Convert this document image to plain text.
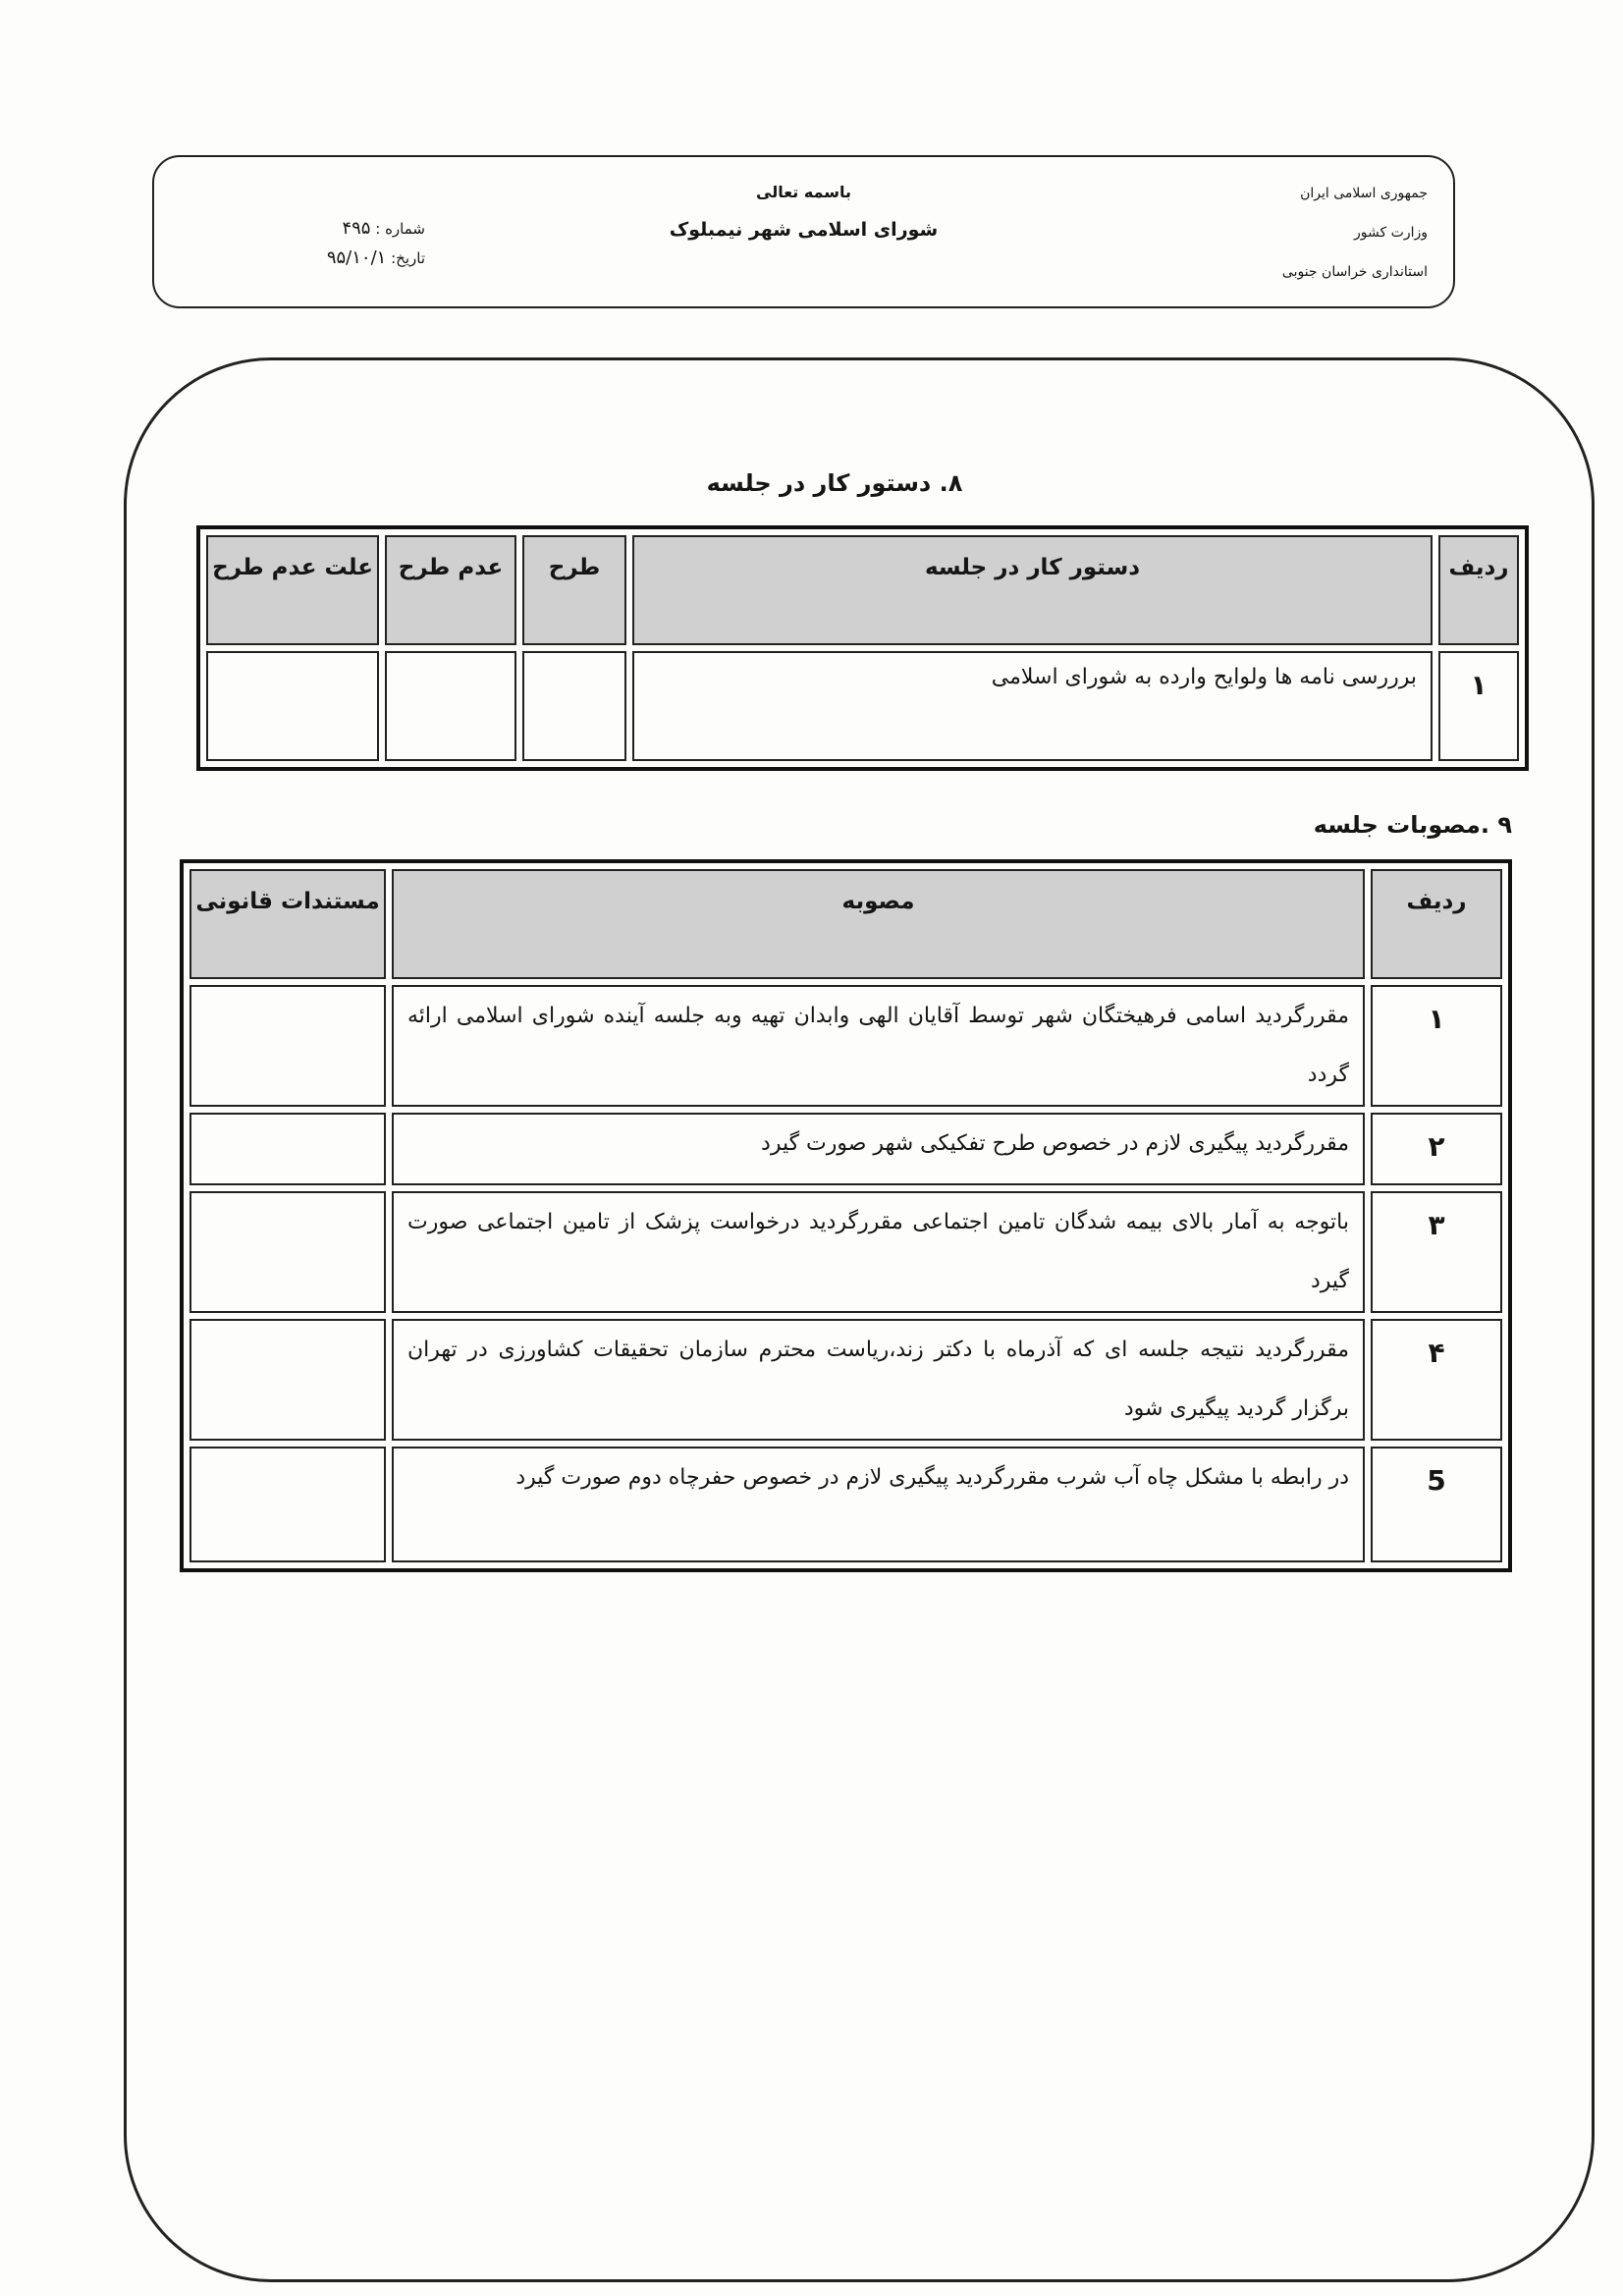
جمهوری اسلامی ایران
وزارت کشور
استانداری خراسان جنوبی
باسمه تعالی
شورای اسلامی شهر نیمبلوک
شماره : ۴۹۵
تاریخ: ۹۵/۱۰/۱
۸. دستور کار در جلسه
ردیف	دستور کار در جلسه	طرح	عدم طرح	علت عدم طرح
۱	برررسی نامه ها ولوایح وارده به شورای اسلامی			
۹ .مصوبات جلسه
ردیف	مصوبه	مستندات قانونی
۱	مقررگردید اسامی فرهیختگان شهر توسط آقایان الهی وابدان تهیه وبه جلسه آینده شورای اسلامی ارائه گردد	
۲	مقررگردید پیگیری لازم در خصوص طرح تفکیکی شهر صورت گیرد	
۳	باتوجه به آمار بالای بیمه شدگان تامین اجتماعی مقررگردید درخواست پزشک از تامین اجتماعی صورت گیرد	
۴	مقررگردید نتیجه جلسه ای که آذرماه با دکتر زند،ریاست محترم سازمان تحقیقات کشاورزی در تهران برگزار گردید پیگیری شود	
5	در رابطه با مشکل چاه آب شرب مقررگردید پیگیری لازم در خصوص حفرچاه دوم صورت گیرد	
